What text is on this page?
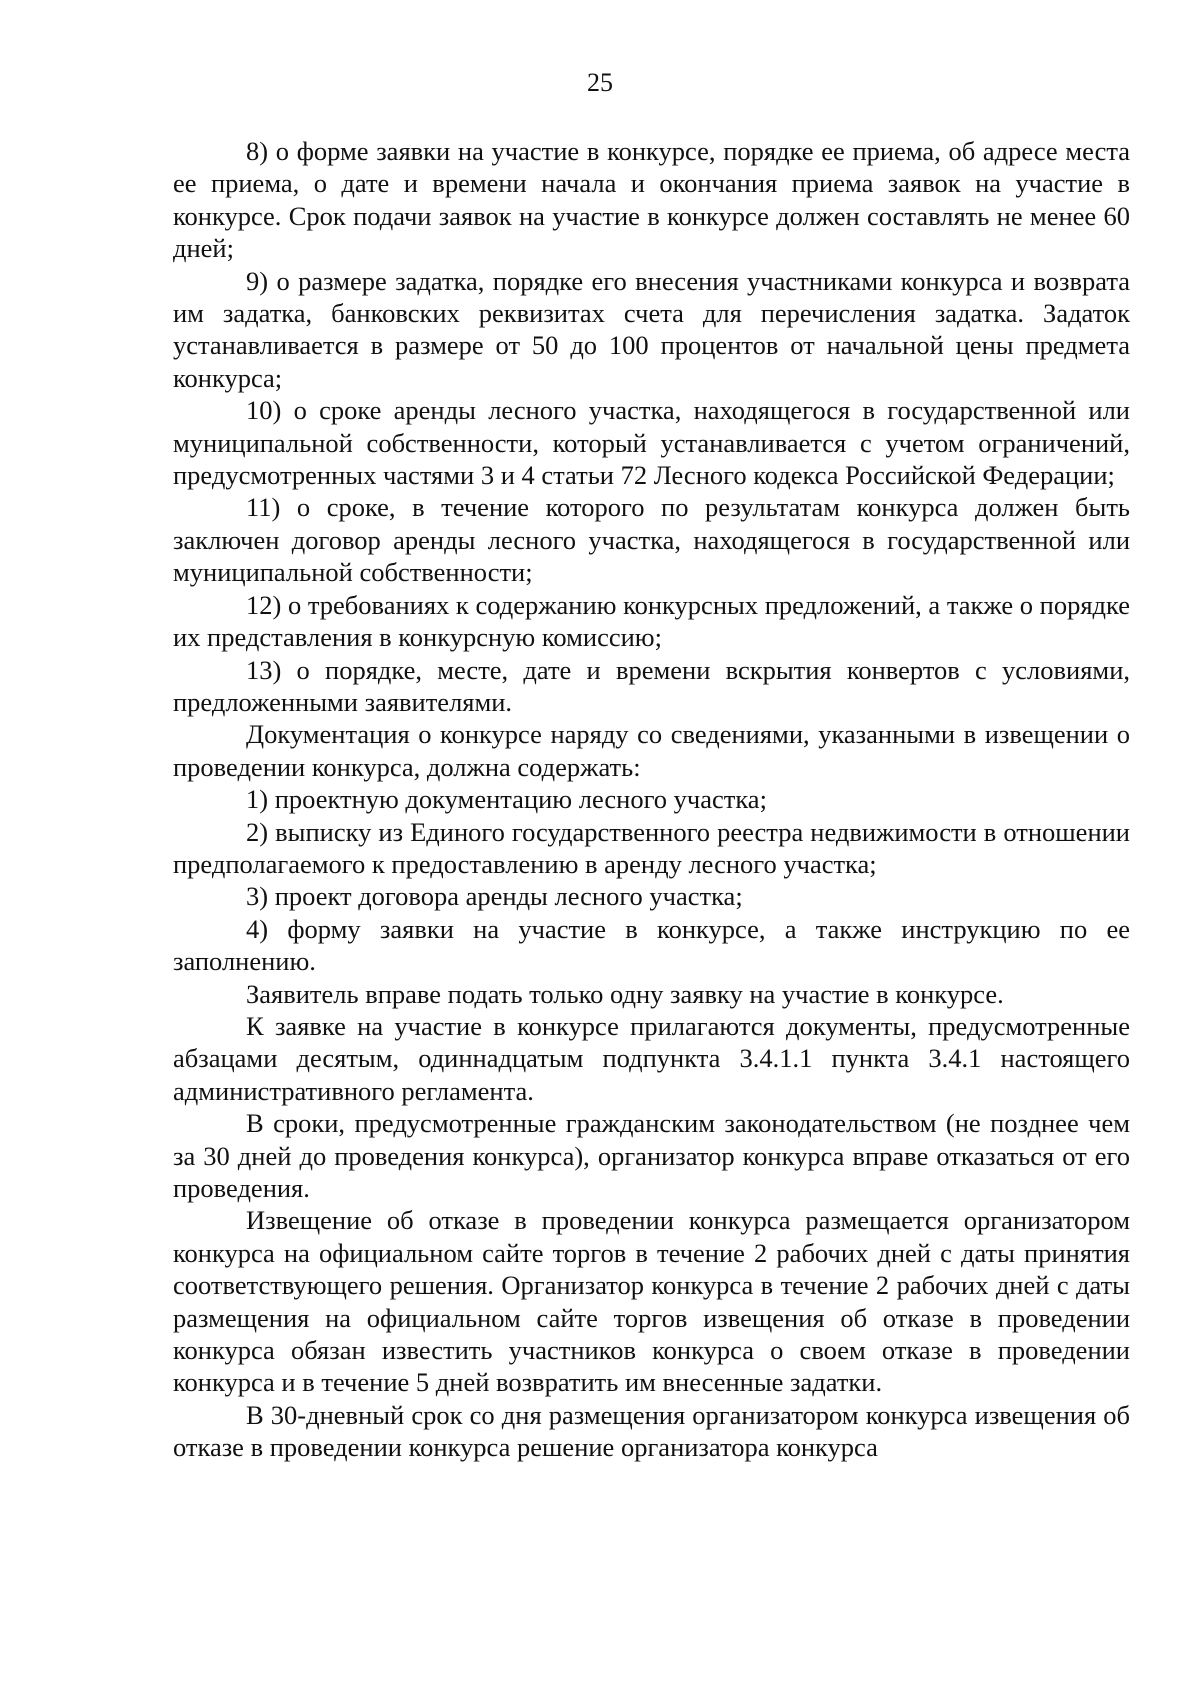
25

8) о форме заявки на участие в конкурсе, порядке ее приема, об адресе места ее приема, о дате и времени начала и окончания приема заявок на участие в конкурсе. Срок подачи заявок на участие в конкурсе должен составлять не менее 60 дней;

9) о размере задатка, порядке его внесения участниками конкурса и возврата им задатка, банковских реквизитах счета для перечисления задатка. Задаток устанавливается в размере от 50 до 100 процентов от начальной цены предмета конкурса;

10) о сроке аренды лесного участка, находящегося в государственной или муниципальной собственности, который устанавливается с учетом ограничений, предусмотренных частями 3 и 4 статьи 72 Лесного кодекса Российской Федерации;

11) о сроке, в течение которого по результатам конкурса должен быть заключен договор аренды лесного участка, находящегося в государственной или муниципальной собственности;

12) о требованиях к содержанию конкурсных предложений, а также о порядке их представления в конкурсную комиссию;

13) о порядке, месте, дате и времени вскрытия конвертов с условиями, предложенными заявителями.

Документация о конкурсе наряду со сведениями, указанными в извещении о проведении конкурса, должна содержать:

1) проектную документацию лесного участка;

2) выписку из Единого государственного реестра недвижимости в отношении предполагаемого к предоставлению в аренду лесного участка;

3) проект договора аренды лесного участка;

4) форму заявки на участие в конкурсе, а также инструкцию по ее заполнению.

Заявитель вправе подать только одну заявку на участие в конкурсе.

К заявке на участие в конкурсе прилагаются документы, предусмотренные абзацами десятым, одиннадцатым подпункта 3.4.1.1 пункта 3.4.1 настоящего административного регламента.

В сроки, предусмотренные гражданским законодательством (не позднее чем за 30 дней до проведения конкурса), организатор конкурса вправе отказаться от его проведения.

Извещение об отказе в проведении конкурса размещается организатором конкурса на официальном сайте торгов в течение 2 рабочих дней с даты принятия соответствующего решения. Организатор конкурса в течение 2 рабочих дней с даты размещения на официальном сайте торгов извещения об отказе в проведении конкурса обязан известить участников конкурса о своем отказе в проведении конкурса и в течение 5 дней возвратить им внесенные задатки.

В 30-дневный срок со дня размещения организатором конкурса извещения об отказе в проведении конкурса решение организатора конкурса
